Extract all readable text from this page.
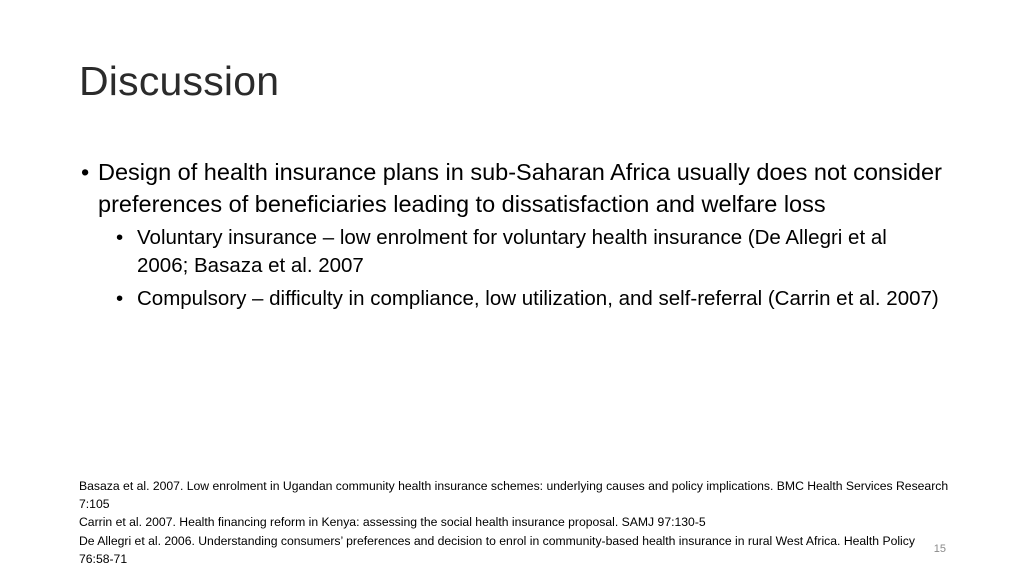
Discussion
• Design of health insurance plans in sub-Saharan Africa usually does not consider preferences of beneficiaries leading to dissatisfaction and welfare loss
• Voluntary insurance – low enrolment for voluntary health insurance (De Allegri et al 2006; Basaza et al. 2007
• Compulsory – difficulty in compliance, low utilization, and self-referral (Carrin et al. 2007)
Basaza et al. 2007. Low enrolment in Ugandan community health insurance schemes: underlying causes and policy implications. BMC Health Services Research 7:105
Carrin et al. 2007. Health financing reform in Kenya: assessing the social health insurance proposal. SAMJ 97:130-5
De Allegri et al. 2006. Understanding consumers’ preferences and decision to enrol in community-based health insurance in rural West Africa. Health Policy 76:58-71
15
